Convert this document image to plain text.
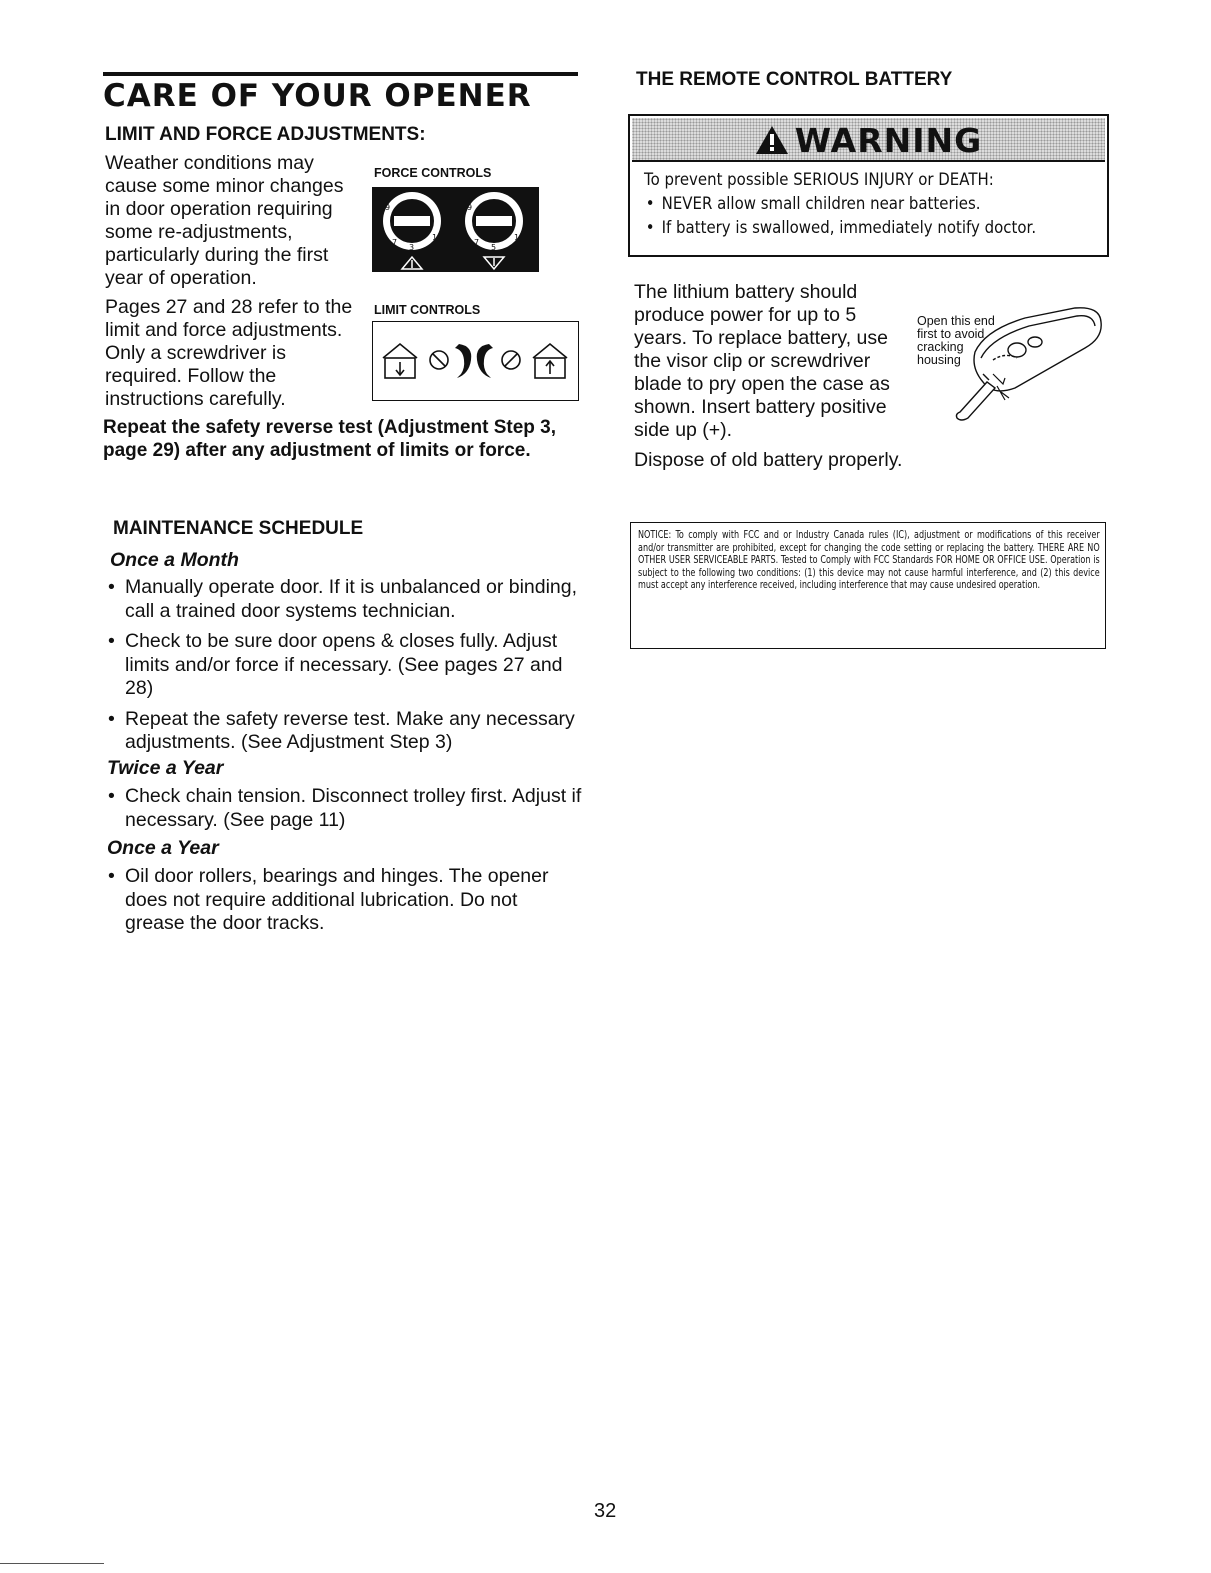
CARE OF YOUR OPENER
LIMIT AND FORCE ADJUSTMENTS:
Weather conditions may cause some minor changes in door operation requiring some re-adjustments, particularly during the first year of operation.
Pages 27 and 28 refer to the limit and force adjustments. Only a screwdriver is required. Follow the instructions carefully.
Repeat the safety reverse test (Adjustment Step 3, page 29) after any adjustment of limits or force.
FORCE CONTROLS
9
7
3
1
9
7
5
1
LIMIT CONTROLS
MAINTENANCE SCHEDULE
Once a Month
• Manually operate door. If it is unbalanced or binding, call a trained door systems technician.
• Check to be sure door opens & closes fully. Adjust limits and/or force if necessary. (See pages 27 and 28)
• Repeat the safety reverse test. Make any necessary adjustments. (See Adjustment Step 3)
Twice a Year
• Check chain tension. Disconnect trolley first. Adjust if necessary. (See page 11)
Once a Year
• Oil door rollers, bearings and hinges. The opener does not require additional lubrication. Do not grease the door tracks.
THE REMOTE CONTROL BATTERY
WARNING
To prevent possible SERIOUS INJURY or DEATH:
• NEVER allow small children near batteries.
• If battery is swallowed, immediately notify doctor.
The lithium battery should produce power for up to 5 years. To replace battery, use the visor clip or screwdriver blade to pry open the case as shown. Insert battery positive side up (+).
Dispose of old battery properly.
Open this end
first to avoid
cracking
housing
NOTICE: To comply with FCC and or Industry Canada rules (IC), adjustment or modifications of this receiver and/or transmitter are prohibited, except for changing the code setting or replacing the battery. THERE ARE NO OTHER USER SERVICEABLE PARTS. Tested to Comply with FCC Standards FOR HOME OR OFFICE USE. Operation is subject to the following two conditions: (1) this device may not cause harmful interference, and (2) this device must accept any interference received, including interference that may cause undesired operation.
32
